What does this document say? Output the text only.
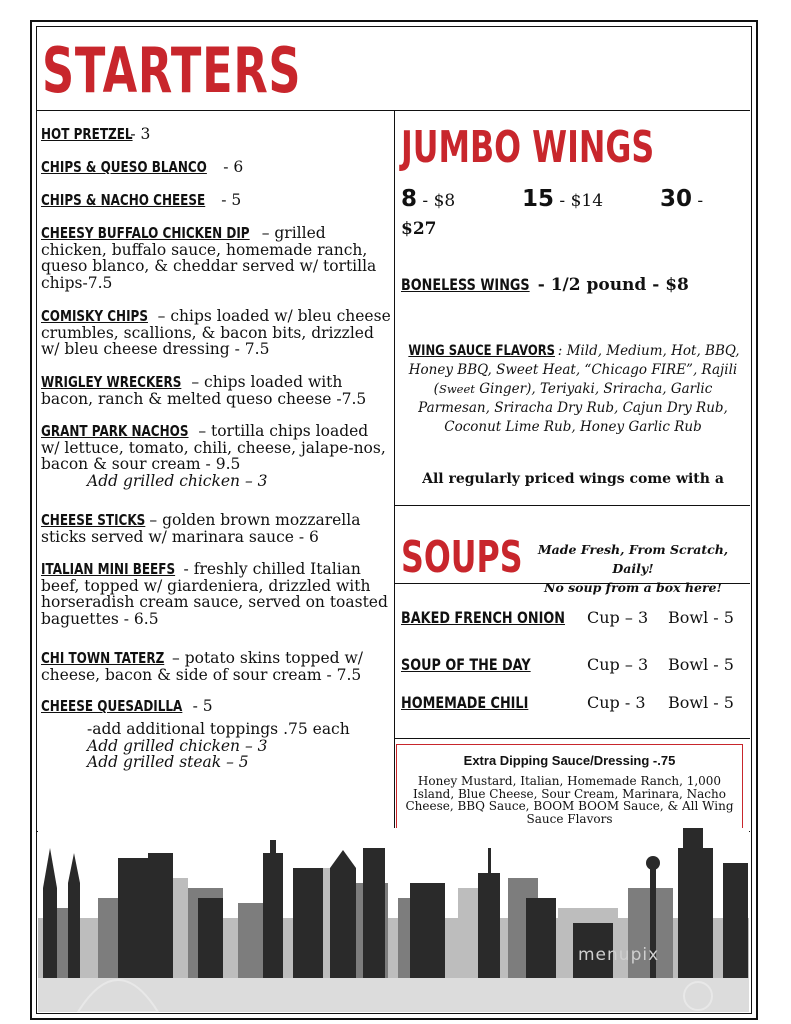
STARTERS
HOT PRETZEL - 3
CHIPS & QUESO BLANCO - 6
CHIPS & NACHO CHEESE - 5
CHEESY BUFFALO CHICKEN DIP – grilled chicken, buffalo sauce, homemade ranch, queso blanco, & cheddar served w/ tortilla chips-7.5
COMISKY CHIPS – chips loaded w/ bleu cheese crumbles, scallions, & bacon bits, drizzled w/ bleu cheese dressing - 7.5
WRIGLEY WRECKERS – chips loaded with bacon, ranch & melted queso cheese -7.5
GRANT PARK NACHOS – tortilla chips loaded w/ lettuce, tomato, chili, cheese, jalape-nos, bacon & sour cream - 9.5
Add grilled chicken – 3
CHEESE STICKS – golden brown mozzarella sticks served w/ marinara sauce - 6
ITALIAN MINI BEEFS - freshly chilled Italian beef, topped w/ giardeniera, drizzled with horseradish cream sauce, served on toasted baguettes - 6.5
CHI TOWN TATERZ – potato skins topped w/ cheese, bacon & side of sour cream - 7.5
CHEESE QUESADILLA - 5
-add additional toppings .75 each
Add grilled chicken – 3
Add grilled steak – 5
JUMBO WINGS
8 - $8	15 - $14 30 -
$27
BONELESS WINGS - 1/2 pound - $8
WING SAUCE FLAVORS : Mild, Medium, Hot, BBQ, Honey BBQ, Sweet Heat, “Chicago FIRE”, Rajili (Sweet Ginger), Teriyaki, Sriracha, Garlic Parmesan, Sriracha Dry Rub, Cajun Dry Rub, Coconut Lime Rub, Honey Garlic Rub
All regularly priced wings come with a
SOUPS	Made Fresh, From Scratch, Daily!
No soup from a box here!
BAKED FRENCH ONION Cup – 3 Bowl - 5
SOUP OF THE DAY	Cup – 3 Bowl - 5
HOMEMADE CHILI	Cup - 3 Bowl - 5
Extra Dipping Sauce/Dressing -.75
Honey Mustard, Italian, Homemade Ranch, 1,000 Island, Blue Cheese, Sour Cream, Marinara, Nacho Cheese, BBQ Sauce, BOOM BOOM Sauce, & All Wing Sauce Flavors
menupix
